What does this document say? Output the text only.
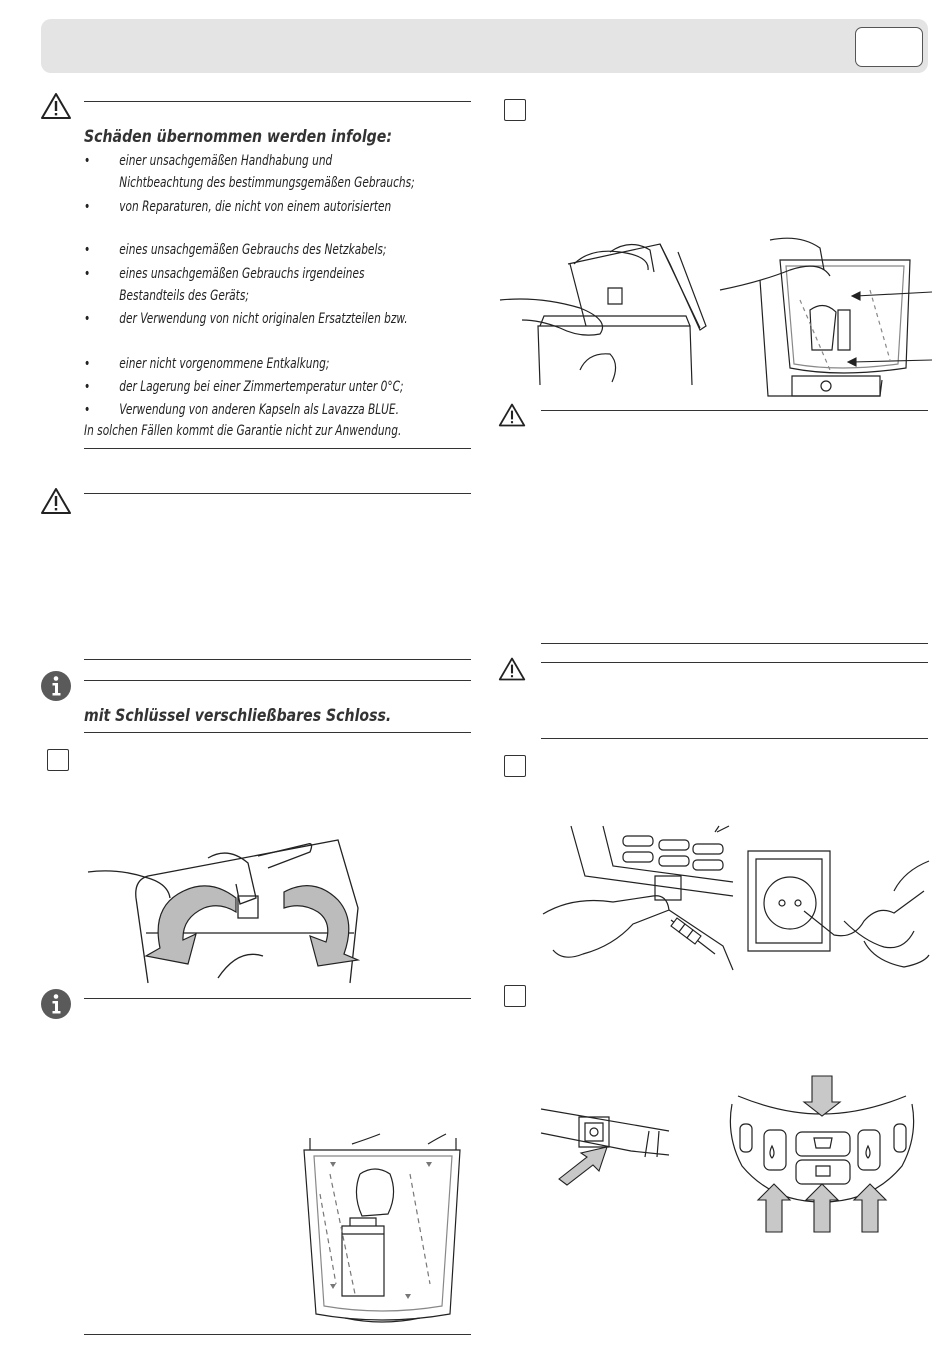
Schäden übernommen werden infolge:
• einer unsachgemäßen Handhabung und
Nichtbeachtung des bestimmungsgemäßen Gebrauchs;
• von Reparaturen, die nicht von einem autorisierten
• eines unsachgemäßen Gebrauchs des Netzkabels;
• eines unsachgemäßen Gebrauchs irgendeines
Bestandteils des Geräts;
• der Verwendung von nicht originalen Ersatzteilen bzw.
• einer nicht vorgenommene Entkalkung;
• der Lagerung bei einer Zimmertemperatur unter 0°C;
• Verwendung von anderen Kapseln als Lavazza BLUE.
In solchen Fällen kommt die Garantie nicht zur Anwendung.
mit Schlüssel verschließbares Schloss.
